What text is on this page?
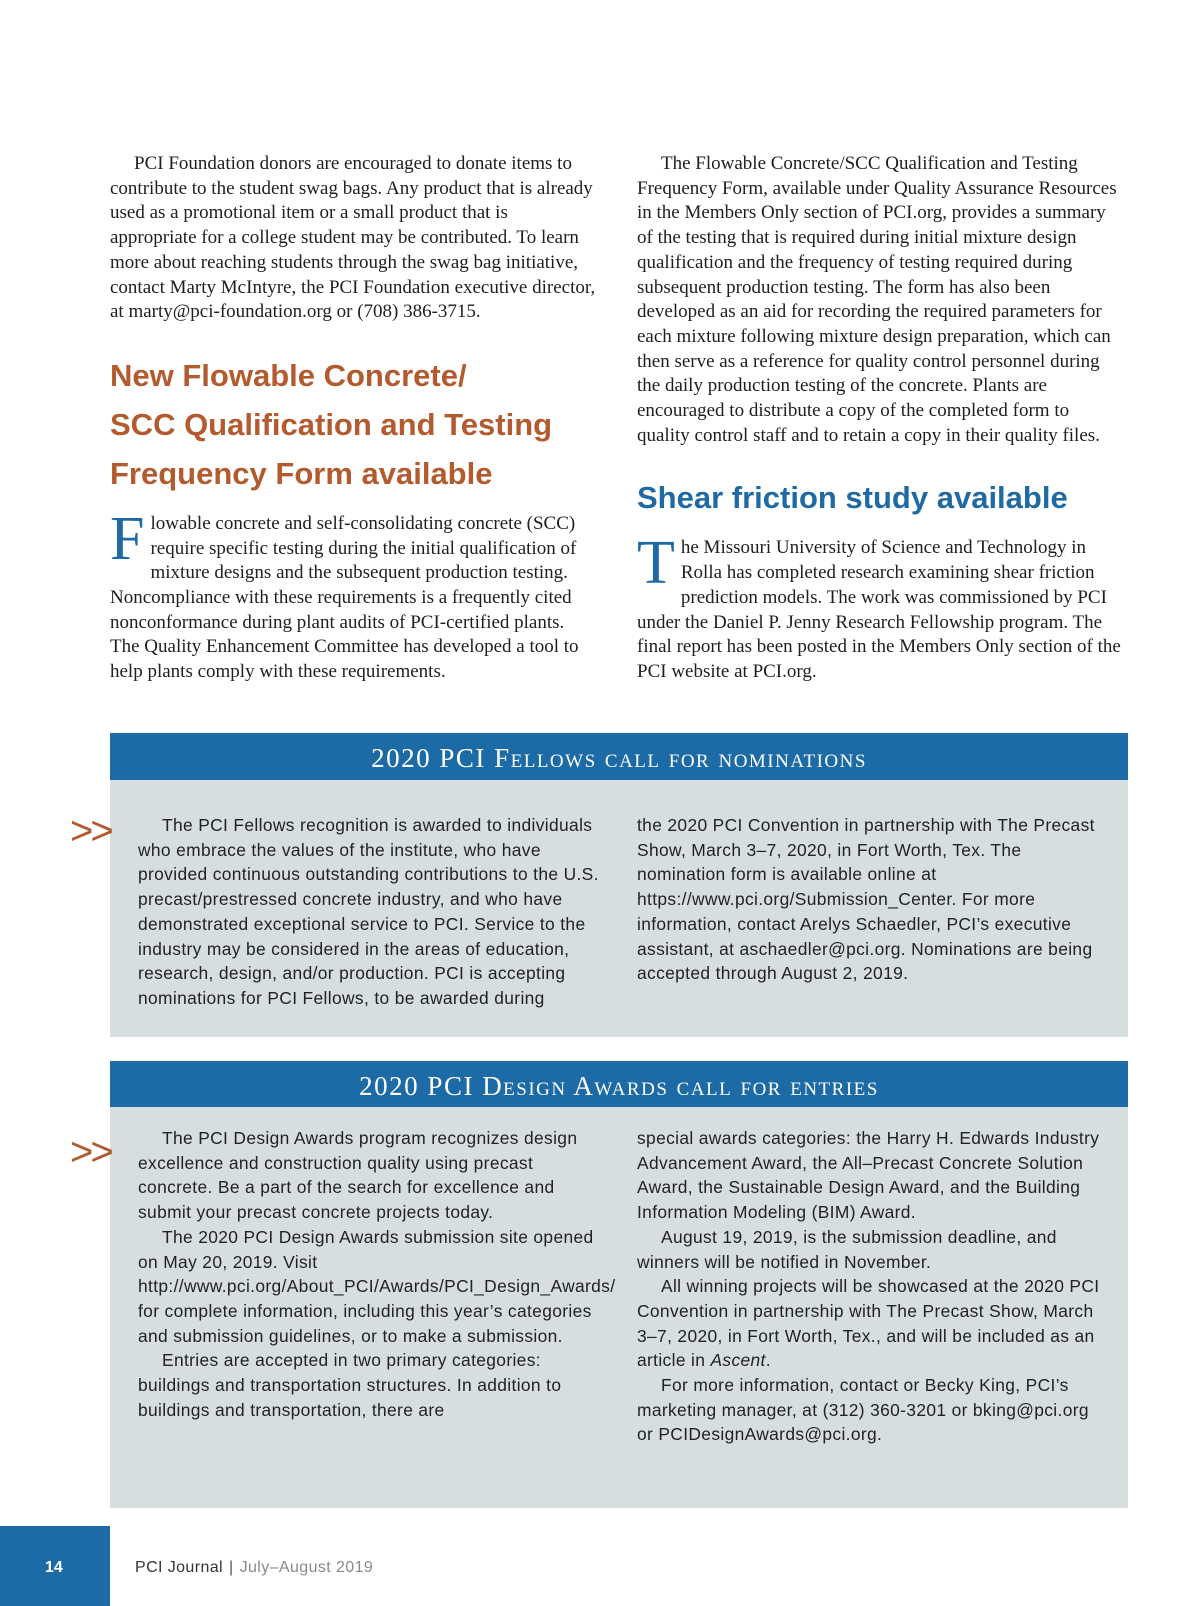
PCI Foundation donors are encouraged to donate items to contribute to the student swag bags. Any product that is already used as a promotional item or a small product that is appropriate for a college student may be contributed. To learn more about reaching students through the swag bag initiative, contact Marty McIntyre, the PCI Foundation executive director, at marty@pci-foundation.org or (708) 386-3715.

New Flowable Concrete/
SCC Qualification and Testing
Frequency Form available

F lowable concrete and self-consolidating concrete (SCC) require specific testing during the initial qualification of mixture designs and the subsequent production testing. Noncompliance with these requirements is a frequently cited nonconformance during plant audits of PCI-certified plants. The Quality Enhancement Committee has developed a tool to help plants comply with these requirements.

The Flowable Concrete/SCC Qualification and Testing Frequency Form, available under Quality Assurance Resources in the Members Only section of PCI.org, provides a summary of the testing that is required during initial mixture design qualification and the frequency of testing required during subsequent production testing. The form has also been developed as an aid for recording the required parameters for each mixture following mixture design preparation, which can then serve as a reference for quality control personnel during the daily production testing of the concrete. Plants are encouraged to distribute a copy of the completed form to quality control staff and to retain a copy in their quality files.

Shear friction study available

T he Missouri University of Science and Technology in Rolla has completed research examining shear friction prediction models. The work was commissioned by PCI under the Daniel P. Jenny Research Fellowship program. The final report has been posted in the Members Only section of the PCI website at PCI.org.

2020 PCI Fellows call for nominations

The PCI Fellows recognition is awarded to individuals who embrace the values of the institute, who have provided continuous outstanding contributions to the U.S. precast/prestressed concrete industry, and who have demonstrated exceptional service to PCI. Service to the industry may be considered in the areas of education, research, design, and/or production. PCI is accepting nominations for PCI Fellows, to be awarded during

the 2020 PCI Convention in partnership with The Precast Show, March 3–7, 2020, in Fort Worth, Tex. The nomination form is available online at https://www.pci.org/Submission_Center. For more information, contact Arelys Schaedler, PCI’s executive assistant, at aschaedler@pci.org. Nominations are being accepted through August 2, 2019.

>>
2020 PCI Design Awards call for entries

The PCI Design Awards program recognizes design excellence and construction quality using precast concrete. Be a part of the search for excellence and submit your precast concrete projects today.

The 2020 PCI Design Awards submission site opened on May 20, 2019. Visit http://www.pci.org/About_PCI/Awards/PCI_Design_Awards/ for complete information, including this year’s categories and submission guidelines, or to make a submission.

Entries are accepted in two primary categories: buildings and transportation structures. In addition to buildings and transportation, there are

special awards categories: the Harry H. Edwards Industry Advancement Award, the All–Precast Concrete Solution Award, the Sustainable Design Award, and the Building Information Modeling (BIM) Award.

August 19, 2019, is the submission deadline, and winners will be notified in November.

All winning projects will be showcased at the 2020 PCI Convention in partnership with The Precast Show, March 3–7, 2020, in Fort Worth, Tex., and will be included as an article in Ascent.

For more information, contact or Becky King, PCI’s marketing manager, at (312) 360-3201 or bking@pci.org or PCIDesignAwards@pci.org.

>>
14	PCI Journal | July–August 2019
